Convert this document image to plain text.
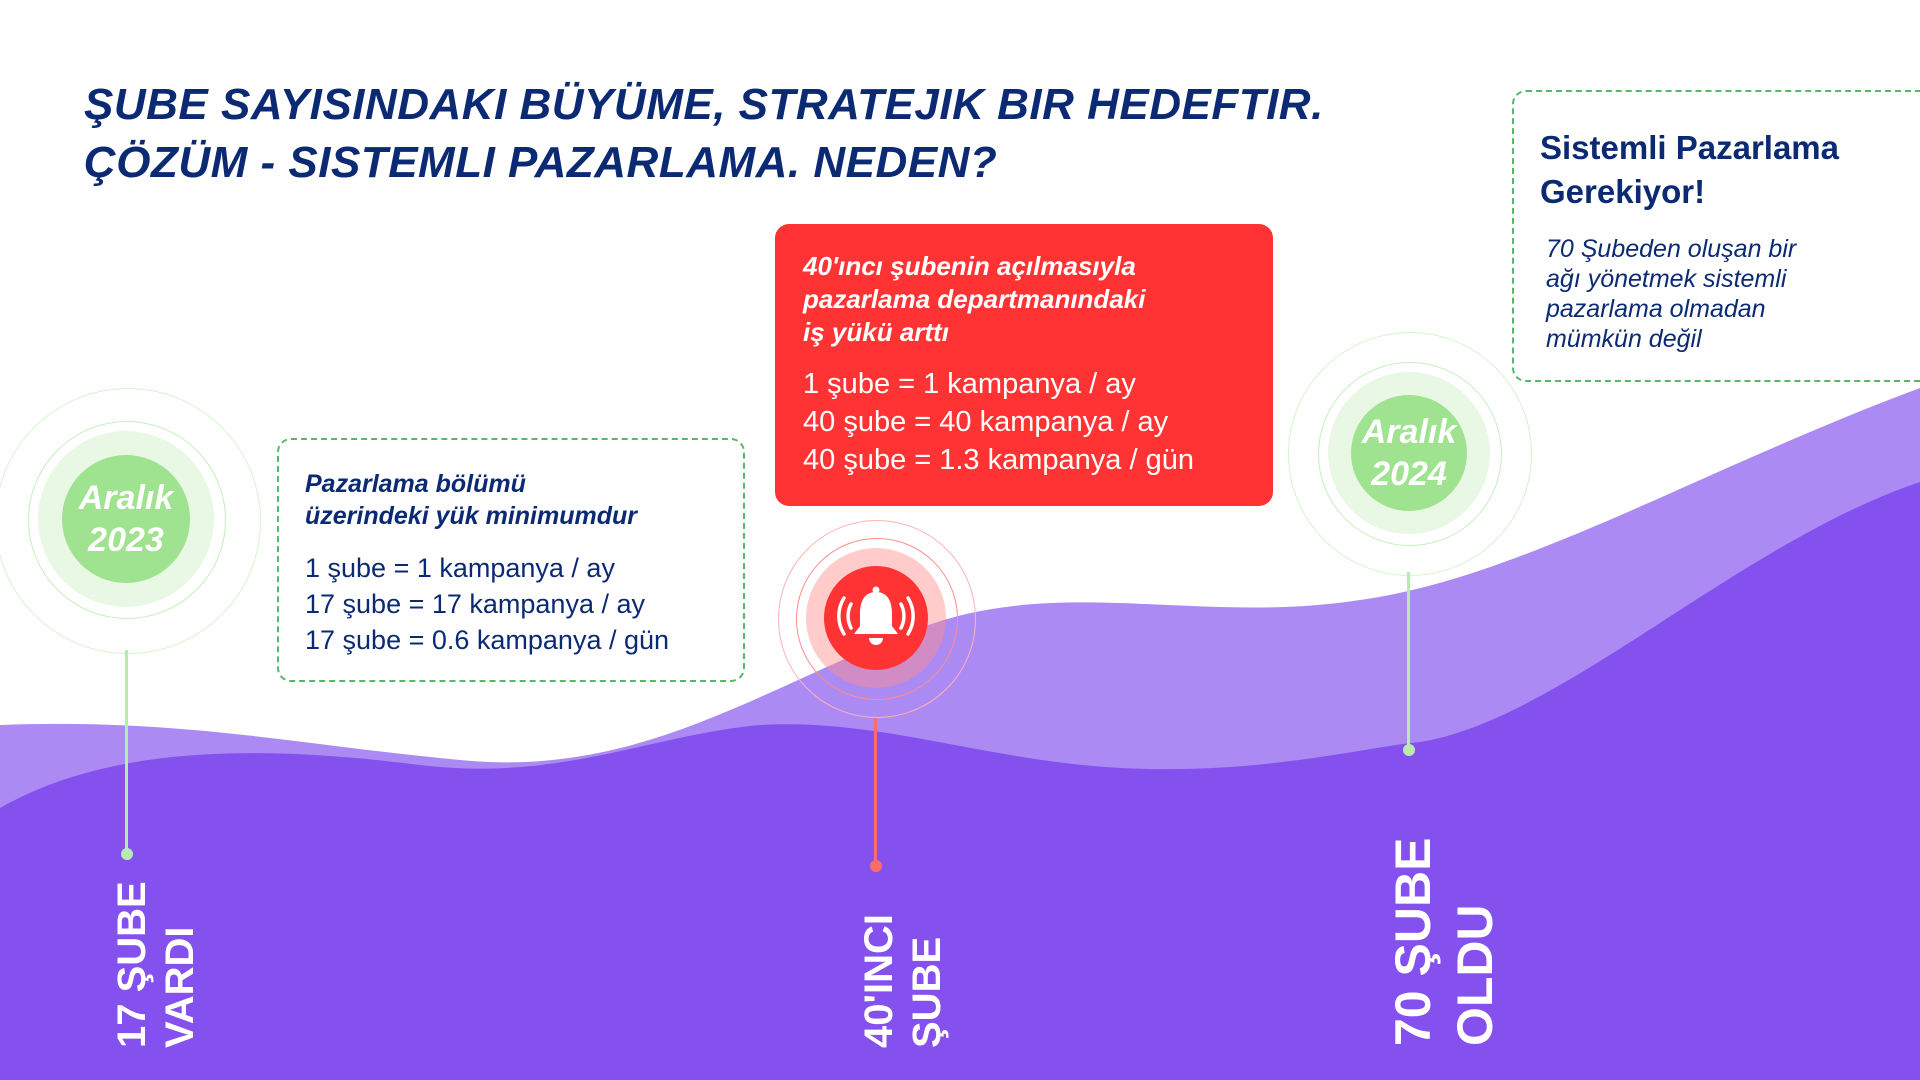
ŞUBE SAYISINDAKI BÜYÜME, STRATEJIK BIR HEDEFTIR.
ÇÖZÜM - SISTEMLI PAZARLAMA. NEDEN?
Aralık
2023
17 ŞUBE VARDI
Pazarlama bölümü
üzerindeki yük minimumdur
1 şube = 1 kampanya / ay
17 şube = 17 kampanya / ay
17 şube = 0.6 kampanya / gün
40'ıncı şubenin açılmasıyla
pazarlama departmanındaki
iş yükü arttı
1 şube = 1 kampanya / ay
40 şube = 40 kampanya / ay
40 şube = 1.3 kampanya / gün
40'INCI ŞUBE
Aralık
2024
70 ŞUBE OLDU
Sistemli Pazarlama
Gerekiyor!
70 Şubeden oluşan bir
ağı yönetmek sistemli
pazarlama olmadan
mümkün değil
